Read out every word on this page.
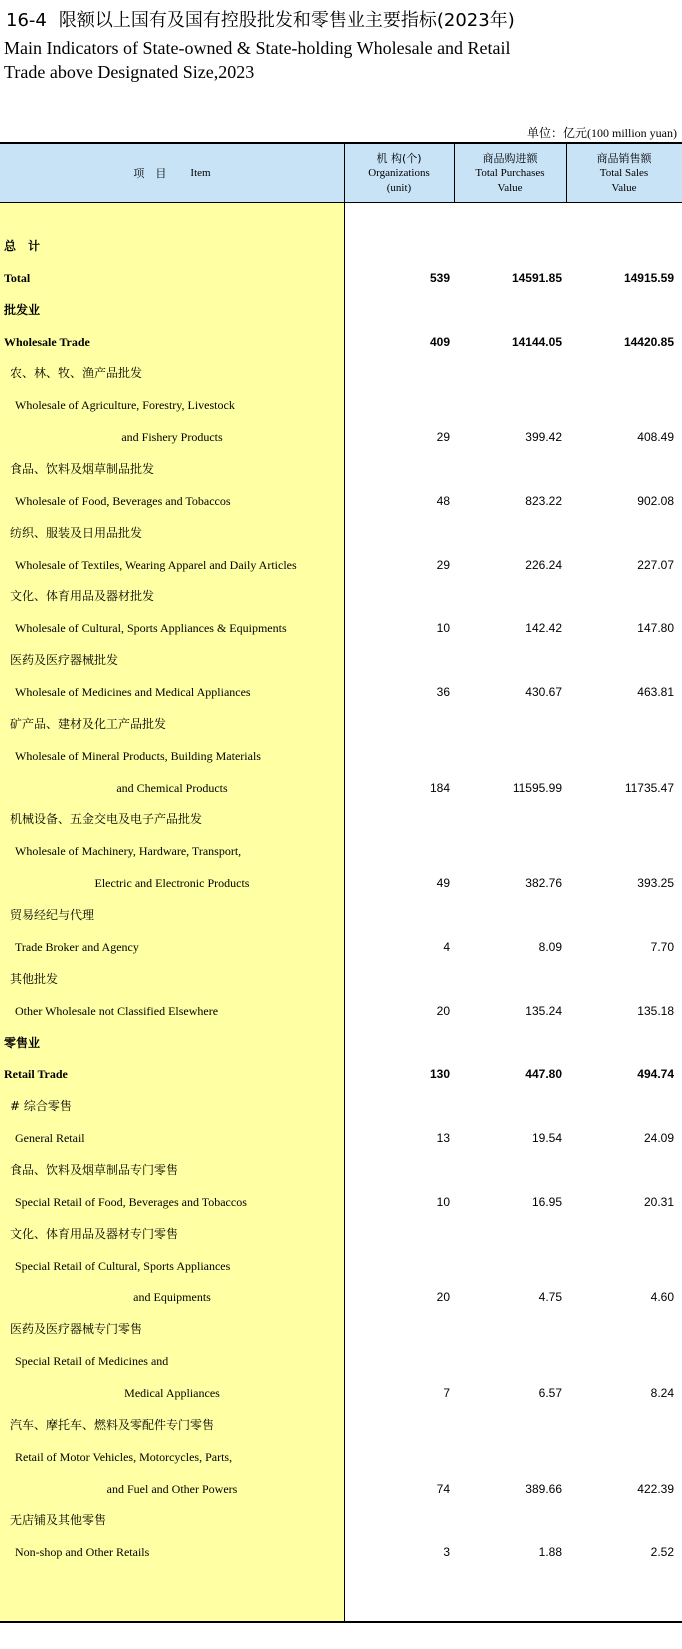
16-4 限额以上国有及国有控股批发和零售业主要指标(2023年)
Main Indicators of State-owned & State-holding Wholesale and Retail
Trade above Designated Size,2023
单位：亿元(100 million yuan)
项　目 Item
机 构(个)
Organizations
(unit)
商品购进额
Total Purchases
Value
商品销售额
Total Sales
Value
总　计
Total	539	14591.85	14915.59
批发业
Wholesale Trade	409	14144.05	14420.85
农、林、牧、渔产品批发
Wholesale of Agriculture, Forestry, Livestock
and Fishery Products	29	399.42	408.49
食品、饮料及烟草制品批发
Wholesale of Food, Beverages and Tobaccos	48	823.22	902.08
纺织、服装及日用品批发
Wholesale of Textiles, Wearing Apparel and Daily Articles	29	226.24	227.07
文化、体育用品及器材批发
Wholesale of Cultural, Sports Appliances & Equipments	10	142.42	147.80
医药及医疗器械批发
Wholesale of Medicines and Medical Appliances	36	430.67	463.81
矿产品、建材及化工产品批发
Wholesale of Mineral Products, Building Materials
and Chemical Products	184	11595.99	11735.47
机械设备、五金交电及电子产品批发
Wholesale of Machinery, Hardware, Transport,
Electric and Electronic Products	49	382.76	393.25
贸易经纪与代理
Trade Broker and Agency	4	8.09	7.70
其他批发
Other Wholesale not Classified Elsewhere	20	135.24	135.18
零售业
Retail Trade	130	447.80	494.74
# 综合零售
General Retail	13	19.54	24.09
食品、饮料及烟草制品专门零售
Special Retail of Food, Beverages and Tobaccos	10	16.95	20.31
文化、体育用品及器材专门零售
Special Retail of Cultural, Sports Appliances
and Equipments	20	4.75	4.60
医药及医疗器械专门零售
Special Retail of Medicines and
Medical Appliances	7	6.57	8.24
汽车、摩托车、燃料及零配件专门零售
Retail of Motor Vehicles, Motorcycles, Parts,
and Fuel and Other Powers	74	389.66	422.39
无店铺及其他零售
Non-shop and Other Retails	3	1.88	2.52
